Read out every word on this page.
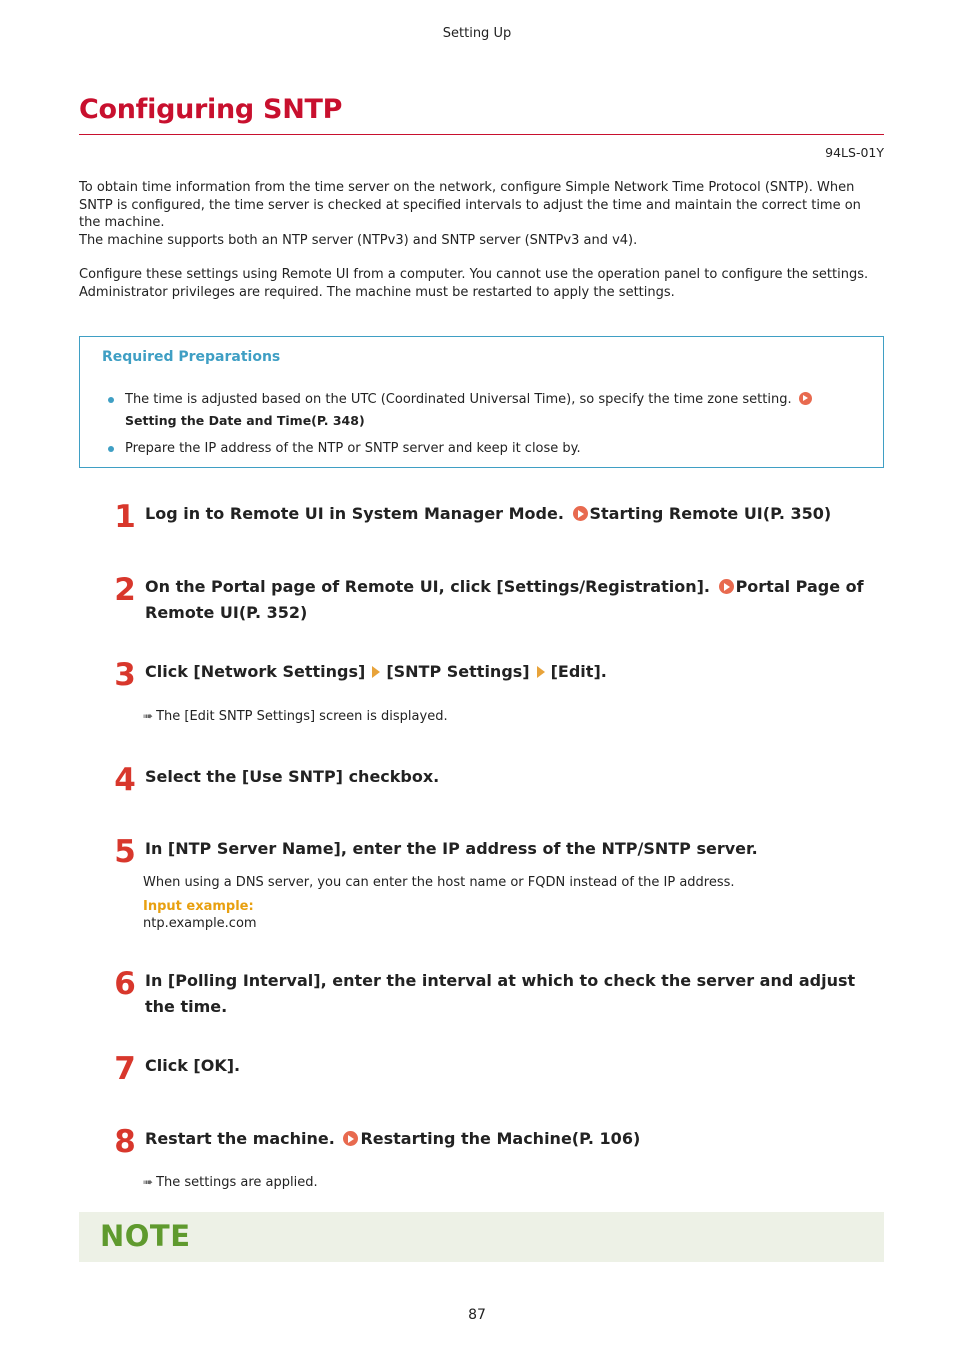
Setting Up
Configuring SNTP
94LS-01Y

To obtain time information from the time server on the network, configure Simple Network Time Protocol (SNTP). When SNTP is configured, the time server is checked at specified intervals to adjust the time and maintain the correct time on the machine.

The machine supports both an NTP server (NTPv3) and SNTP server (SNTPv3 and v4).

Configure these settings using Remote UI from a computer. You cannot use the operation panel to configure the settings.

Administrator privileges are required. The machine must be restarted to apply the settings.

Required Preparations
The time is adjusted based on the UTC (Coordinated Universal Time), so specify the time zone setting.
Setting the Date and Time(P. 348)
Prepare the IP address of the NTP or SNTP server and keep it close by.
1 Log in to Remote UI in System Manager Mode. Starting Remote UI(P. 350)
2 On the Portal page of Remote UI, click [Settings/Registration]. Portal Page of Remote UI(P. 352)
3 Click [Network Settings] [SNTP Settings] [Edit].
➠ The [Edit SNTP Settings] screen is displayed.
4 Select the [Use SNTP] checkbox.
5 In [NTP Server Name], enter the IP address of the NTP/SNTP server.
When using a DNS server, you can enter the host name or FQDN instead of the IP address.
Input example:
ntp.example.com
6 In [Polling Interval], enter the interval at which to check the server and adjust the time.
7 Click [OK].
8 Restart the machine. Restarting the Machine(P. 106)
➠ The settings are applied.
NOTE
87
